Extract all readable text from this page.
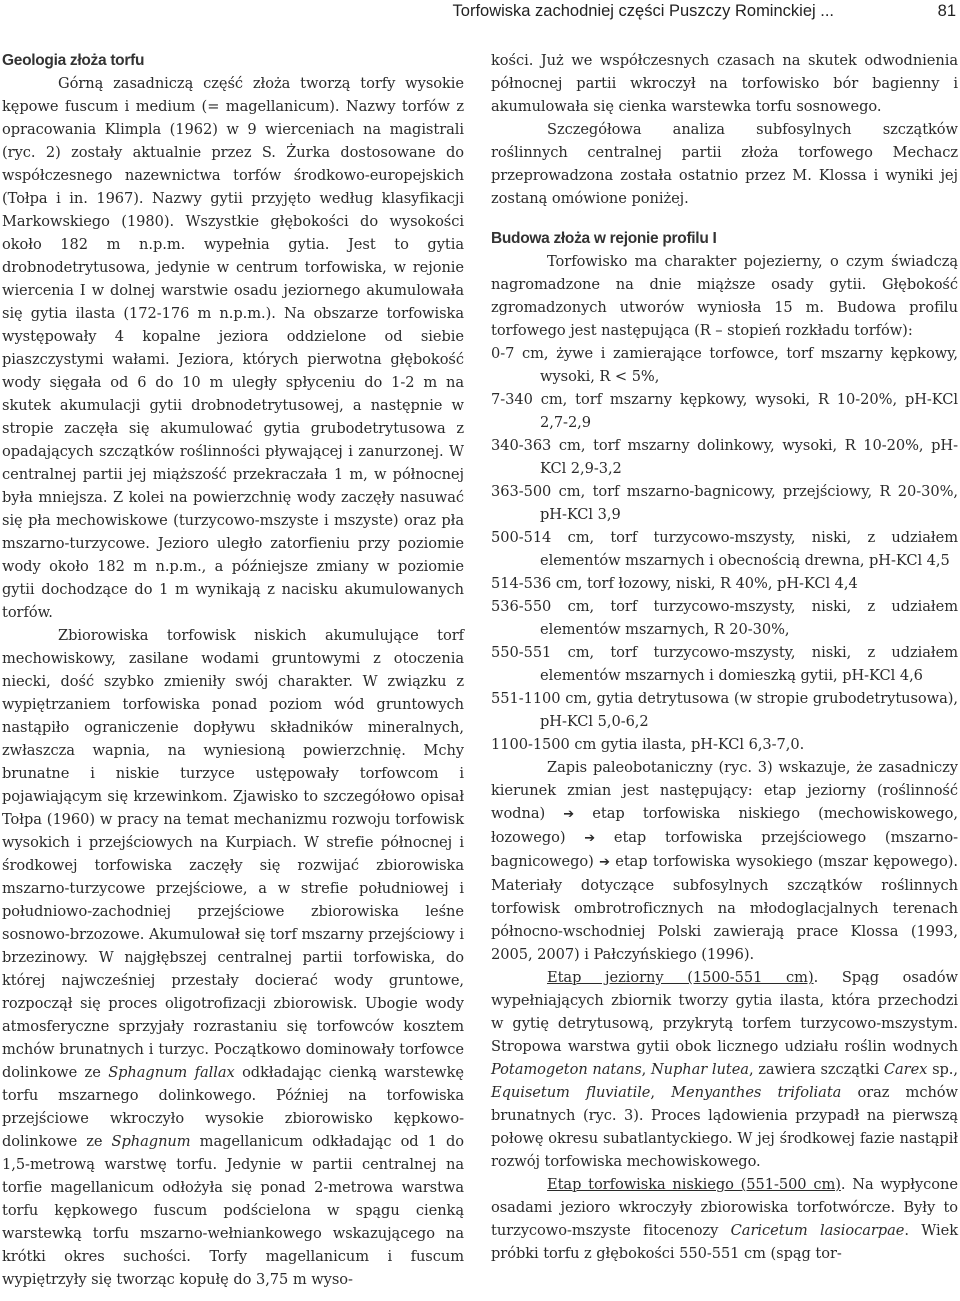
Torfowiska zachodniej części Puszczy Rominckiej ...	81
Geologia złoża torfu

Górną zasadniczą część złoża tworzą torfy wysokie kępowe fuscum i medium (= magellanicum). Nazwy torfów z opracowania Klimpla (1962) w 9 wierceniach na magistrali (ryc. 2) zostały aktualnie przez S. Żurka dostosowane do współczesnego nazewnictwa torfów środkowo-europejskich (Tołpa i in. 1967). Nazwy gytii przyjęto według klasyfikacji Markowskiego (1980). Wszystkie głębokości do wysokości około 182 m n.p.m. wypełnia gytia. Jest to gytia drobnodetrytusowa, jedynie w centrum torfowiska, w rejonie wiercenia I w dolnej warstwie osadu jeziornego akumulowała się gytia ilasta (172-176 m n.p.m.). Na obszarze torfowiska występowały 4 kopalne jeziora oddzielone od siebie piaszczystymi wałami. Jeziora, których pierwotna głębokość wody sięgała od 6 do 10 m uległy spłyceniu do 1-2 m na skutek akumulacji gytii drobnodetrytusowej, a następnie w stropie zaczęła się akumulować gytia grubodetrytusowa z opadających szczątków roślinności pływającej i zanurzonej. W centralnej partii jej miąższość przekraczała 1 m, w północnej była mniejsza. Z kolei na powierzchnię wody zaczęły nasuwać się pła mechowiskowe (turzycowo-mszyste i mszyste) oraz pła mszarno-turzycowe. Jezioro uległo zatorfieniu przy poziomie wody około 182 m n.p.m., a późniejsze zmiany w poziomie gytii dochodzące do 1 m wynikają z nacisku akumulowanych torfów.

Zbiorowiska torfowisk niskich akumulujące torf mechowiskowy, zasilane wodami gruntowymi z otoczenia niecki, dość szybko zmieniły swój charakter. W związku z wypiętrzaniem torfowiska ponad poziom wód gruntowych nastąpiło ograniczenie dopływu składników mineralnych, zwłaszcza wapnia, na wyniesioną powierzchnię. Mchy brunatne i niskie turzyce ustępowały torfowcom i pojawiającym się krzewinkom. Zjawisko to szczegółowo opisał Tołpa (1960) w pracy na temat mechanizmu rozwoju torfowisk wysokich i przejściowych na Kurpiach. W strefie północnej i środkowej torfowiska zaczęły się rozwijać zbiorowiska mszarno-turzycowe przejściowe, a w strefie południowej i południowo-zachodniej przejściowe zbiorowiska leśne sosnowo-brzozowe. Akumulował się torf mszarny przejściowy i brzezinowy. W najgłębszej centralnej partii torfowiska, do której najwcześniej przestały docierać wody gruntowe, rozpoczął się proces oligotrofizacji zbiorowisk. Ubogie wody atmosferyczne sprzyjały rozrastaniu się torfowców kosztem mchów brunatnych i turzyc. Początkowo dominowały torfowce dolinkowe ze Sphagnum fallax odkładając cienką warstewkę torfu mszarnego dolinkowego. Później na torfowiska przejściowe wkroczyło wysokie zbiorowisko kępkowo-dolinkowe ze Sphagnum magellanicum odkładając od 1 do 1,5-metrową warstwę torfu. Jedynie w partii centralnej na torfie magellanicum odłożyła się ponad 2-metrowa warstwa torfu kępkowego fuscum podścielona w spągu cienką warstewką torfu mszarno-wełniankowego wskazującego na krótki okres suchości. Torfy magellanicum i fuscum wypiętrzyły się tworząc kopułę do 3,75 m wyso-

kości. Już we współczesnych czasach na skutek odwodnienia północnej partii wkroczył na torfowisko bór bagienny i akumulowała się cienka warstewka torfu sosnowego.

Szczegółowa analiza subfosylnych szczątków roślinnych centralnej partii złoża torfowego Mechacz przeprowadzona została ostatnio przez M. Klossa i wyniki jej zostaną omówione poniżej.

Budowa złoża w rejonie profilu I

Torfowisko ma charakter pojezierny, o czym świadczą nagromadzone na dnie miąższe osady gytii. Głębokość zgromadzonych utworów wyniosła 15 m. Budowa profilu torfowego jest następująca (R – stopień rozkładu torfów):

0-7 cm, żywe i zamierające torfowce, torf mszarny kępkowy, wysoki, R < 5%,

7-340 cm, torf mszarny kępkowy, wysoki, R 10-20%, pH-KCl 2,7-2,9

340-363 cm, torf mszarny dolinkowy, wysoki, R 10-20%, pH-KCl 2,9-3,2

363-500 cm, torf mszarno-bagnicowy, przejściowy, R 20-30%, pH-KCl 3,9

500-514 cm, torf turzycowo-mszysty, niski, z udziałem elementów mszarnych i obecnością drewna, pH-KCl 4,5

514-536 cm, torf łozowy, niski, R 40%, pH-KCl 4,4

536-550 cm, torf turzycowo-mszysty, niski, z udziałem elementów mszarnych, R 20-30%,

550-551 cm, torf turzycowo-mszysty, niski, z udziałem elementów mszarnych i domieszką gytii, pH-KCl 4,6

551-1100 cm, gytia detrytusowa (w stropie grubodetrytusowa), pH-KCl 5,0-6,2

1100-1500 cm gytia ilasta, pH-KCl 6,3-7,0.

Zapis paleobotaniczny (ryc. 3) wskazuje, że zasadniczy kierunek zmian jest następujący: etap jeziorny (roślinność wodna) ➔ etap torfowiska niskiego (mechowiskowego, łozowego) ➔ etap torfowiska przejściowego (mszarno-bagnicowego) ➔ etap torfowiska wysokiego (mszar kępowego). Materiały dotyczące subfosylnych szczątków roślinnych torfowisk ombrotroficznych na młodoglacjalnych terenach północno-wschodniej Polski zawierają prace Klossa (1993, 2005, 2007) i Pałczyńskiego (1996).

Etap jeziorny (1500-551 cm). Spąg osadów wypełniających zbiornik tworzy gytia ilasta, która przechodzi w gytię detrytusową, przykrytą torfem turzycowo-mszystym. Stropowa warstwa gytii obok licznego udziału roślin wodnych Potamogeton natans, Nuphar lutea, zawiera szczątki Carex sp., Equisetum fluviatile, Menyanthes trifoliata oraz mchów brunatnych (ryc. 3). Proces lądowienia przypadł na pierwszą połowę okresu subatlantyckiego. W jej środkowej fazie nastąpił rozwój torfowiska mechowiskowego.

Etap torfowiska niskiego (551-500 cm). Na wypłycone osadami jezioro wkroczyły zbiorowiska torfotwórcze. Były to turzycowo-mszyste fitocenozy Caricetum lasiocarpae. Wiek próbki torfu z głębokości 550-551 cm (spąg tor-
